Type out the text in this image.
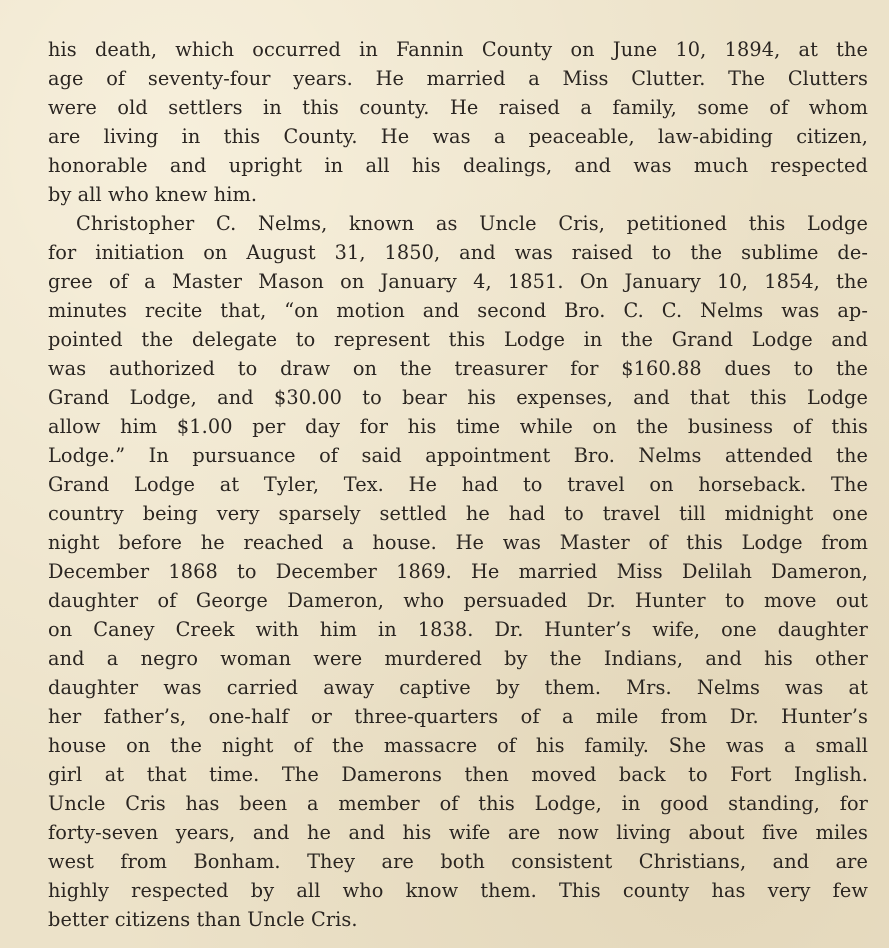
his death, which occurred in Fannin County on June 10, 1894, at the
age of seventy-four years. He married a Miss Clutter. The Clutters
were old settlers in this county. He raised a family, some of whom
are living in this County. He was a peaceable, law-abiding citizen,
honorable and upright in all his dealings, and was much respected
by all who knew him.
Christopher C. Nelms, known as Uncle Cris, petitioned this Lodge
for initiation on August 31, 1850, and was raised to the sublime de-
gree of a Master Mason on January 4, 1851. On January 10, 1854, the
minutes recite that, “on motion and second Bro. C. C. Nelms was ap-
pointed the delegate to represent this Lodge in the Grand Lodge and
was authorized to draw on the treasurer for $160.88 dues to the
Grand Lodge, and $30.00 to bear his expenses, and that this Lodge
allow him $1.00 per day for his time while on the business of this
Lodge.” In pursuance of said appointment Bro. Nelms attended the
Grand Lodge at Tyler, Tex. He had to travel on horseback. The
country being very sparsely settled he had to travel till midnight one
night before he reached a house. He was Master of this Lodge from
December 1868 to December 1869. He married Miss Delilah Dameron,
daughter of George Dameron, who persuaded Dr. Hunter to move out
on Caney Creek with him in 1838. Dr. Hunter’s wife, one daughter
and a negro woman were murdered by the Indians, and his other
daughter was carried away captive by them. Mrs. Nelms was at
her father’s, one-half or three-quarters of a mile from Dr. Hunter’s
house on the night of the massacre of his family. She was a small
girl at that time. The Damerons then moved back to Fort Inglish.
Uncle Cris has been a member of this Lodge, in good standing, for
forty-seven years, and he and his wife are now living about five miles
west from Bonham. They are both consistent Christians, and are
highly respected by all who know them. This county has very few
better citizens than Uncle Cris.
